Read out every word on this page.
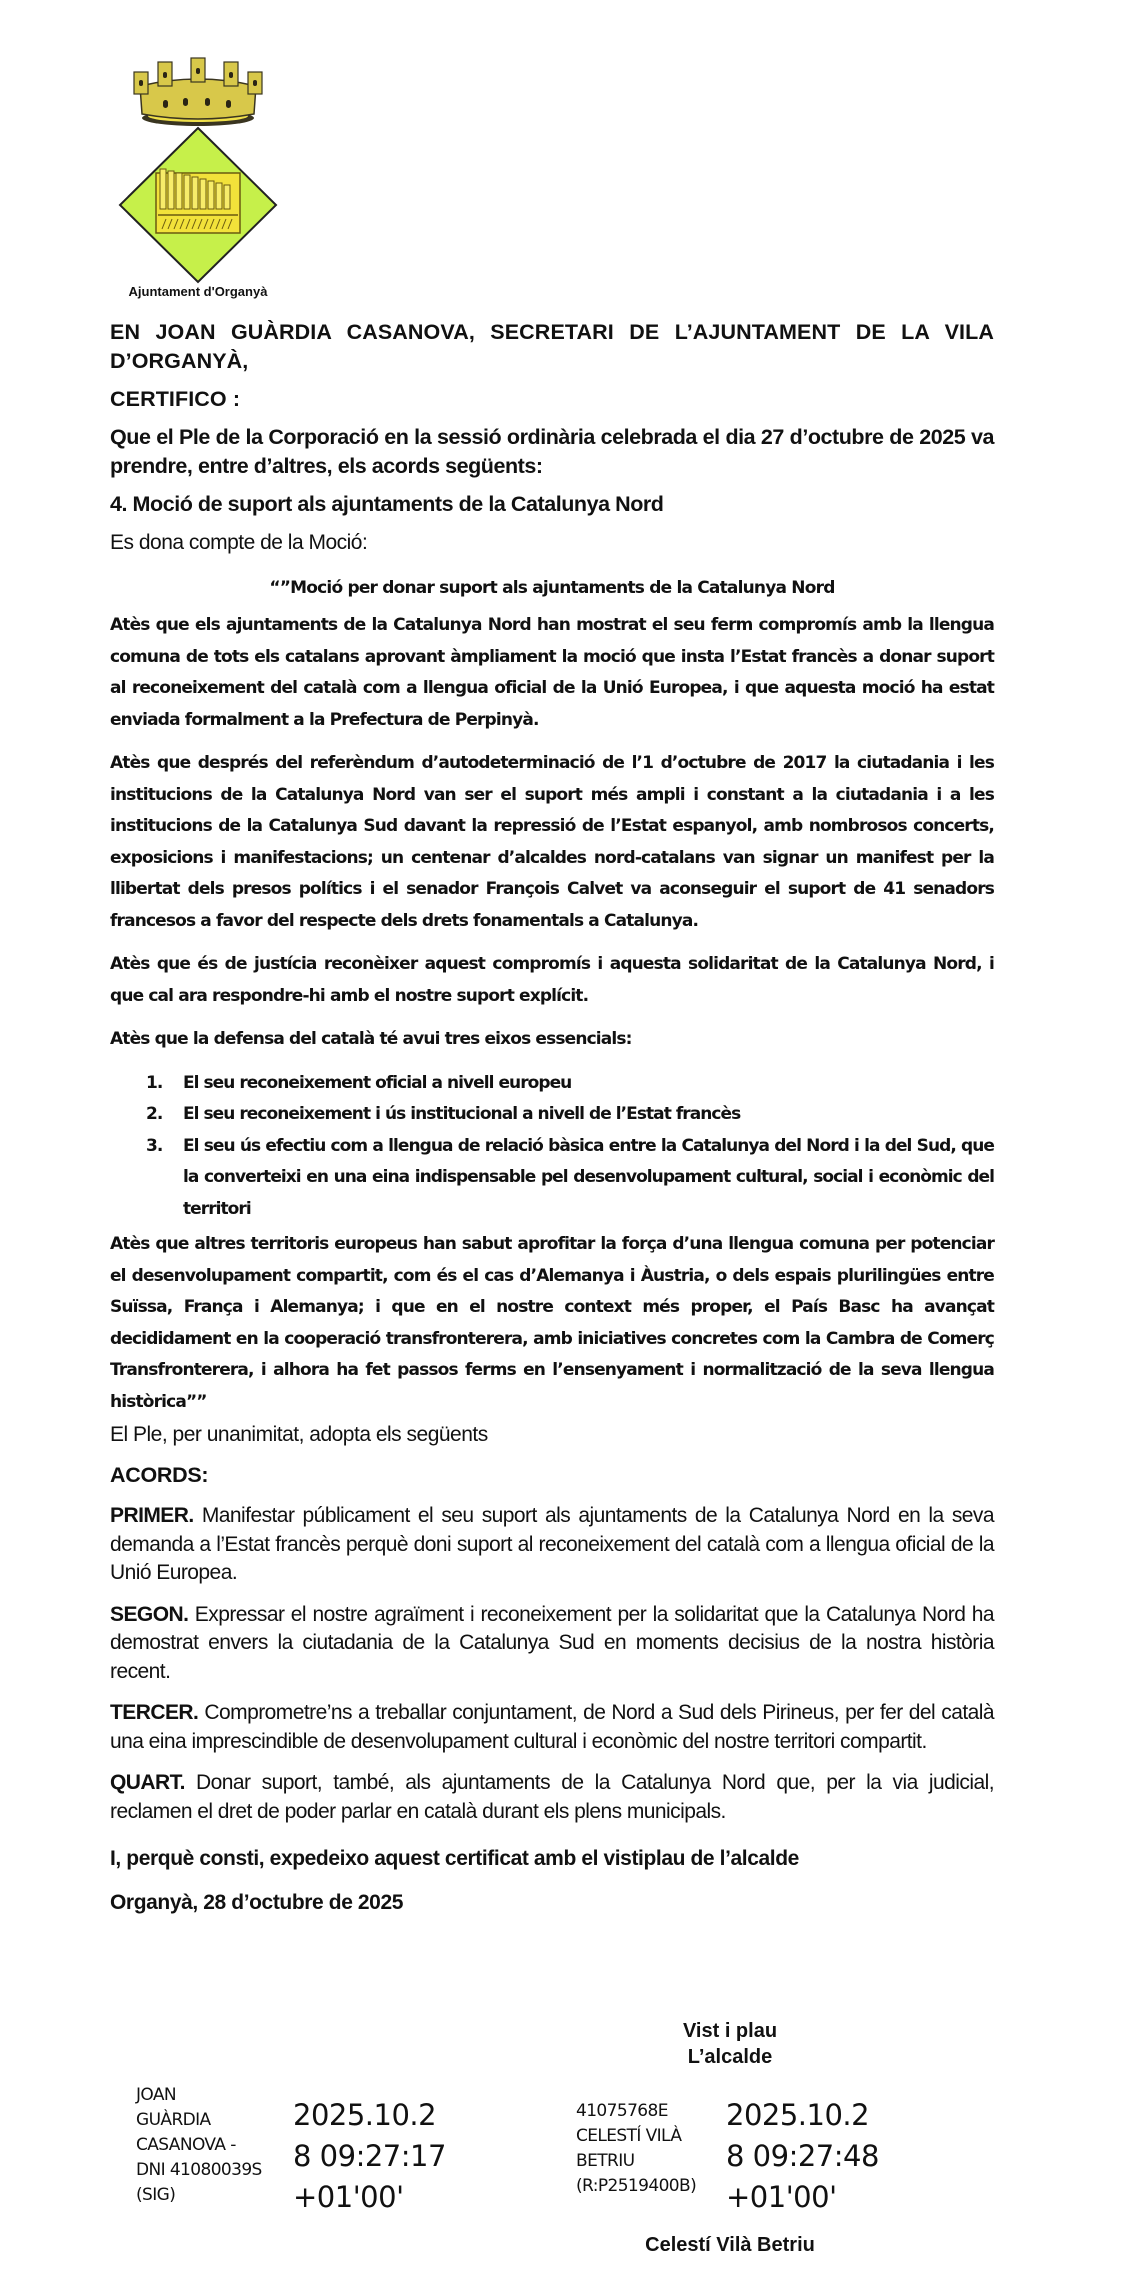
Ajuntament d'Organyà

EN JOAN GUÀRDIA CASANOVA, SECRETARI DE L’AJUNTAMENT DE LA VILA D’ORGANYÀ,

CERTIFICO :

Que el Ple de la Corporació en la sessió ordinària celebrada el dia 27 d’octubre de 2025 va prendre, entre d’altres, els acords següents:

4. Moció de suport als ajuntaments de la Catalunya Nord

Es dona compte de la Moció:

“”Moció per donar suport als ajuntaments de la Catalunya Nord

Atès que els ajuntaments de la Catalunya Nord han mostrat el seu ferm compromís amb la llengua comuna de tots els catalans aprovant àmpliament la moció que insta l’Estat francès a donar suport al reconeixement del català com a llengua oficial de la Unió Europea, i que aquesta moció ha estat enviada formalment a la Prefectura de Perpinyà.

Atès que després del referèndum d’autodeterminació de l’1 d’octubre de 2017 la ciutadania i les institucions de la Catalunya Nord van ser el suport més ampli i constant a la ciutadania i a les institucions de la Catalunya Sud davant la repressió de l’Estat espanyol, amb nombrosos concerts, exposicions i manifestacions; un centenar d’alcaldes nord-catalans van signar un manifest per la llibertat dels presos polítics i el senador François Calvet va aconseguir el suport de 41 senadors francesos a favor del respecte dels drets fonamentals a Catalunya.

Atès que és de justícia reconèixer aquest compromís i aquesta solidaritat de la Catalunya Nord, i que cal ara respondre-hi amb el nostre suport explícit.

Atès que la defensa del català té avui tres eixos essencials:

1. El seu reconeixement oficial a nivell europeu
2. El seu reconeixement i ús institucional a nivell de l’Estat francès
3. El seu ús efectiu com a llengua de relació bàsica entre la Catalunya del Nord i la del Sud, que la converteixi en una eina indispensable pel desenvolupament cultural, social i econòmic del territori

Atès que altres territoris europeus han sabut aprofitar la força d’una llengua comuna per potenciar el desenvolupament compartit, com és el cas d’Alemanya i Àustria, o dels espais plurilingües entre Suïssa, França i Alemanya; i que en el nostre context més proper, el País Basc ha avançat decididament en la cooperació transfronterera, amb iniciatives concretes com la Cambra de Comerç Transfronterera, i alhora ha fet passos ferms en l’ensenyament i normalització de la seva llengua històrica””

El Ple, per unanimitat, adopta els següents

ACORDS:

PRIMER. Manifestar públicament el seu suport als ajuntaments de la Catalunya Nord en la seva demanda a l’Estat francès perquè doni suport al reconeixement del català com a llengua oficial de la Unió Europea.

SEGON. Expressar el nostre agraïment i reconeixement per la solidaritat que la Catalunya Nord ha demostrat envers la ciutadania de la Catalunya Sud en moments decisius de la nostra història recent.

TERCER. Comprometre’ns a treballar conjuntament, de Nord a Sud dels Pirineus, per fer del català una eina imprescindible de desenvolupament cultural i econòmic del nostre territori compartit.

QUART. Donar suport, també, als ajuntaments de la Catalunya Nord que, per la via judicial, reclamen el dret de poder parlar en català durant els plens municipals.

I, perquè consti, expedeixo aquest certificat amb el vistiplau de l’alcalde

Organyà, 28 d’octubre de 2025

Vist i plau
L’alcalde
JOAN
GUÀRDIA
CASANOVA -
DNI 41080039S
(SIG)
2025.10.2
8 09:27:17
+01'00'
41075768E
CELESTÍ VILÀ
BETRIU
(R:P2519400B)
2025.10.2
8 09:27:48
+01'00'
Celestí Vilà Betriu
